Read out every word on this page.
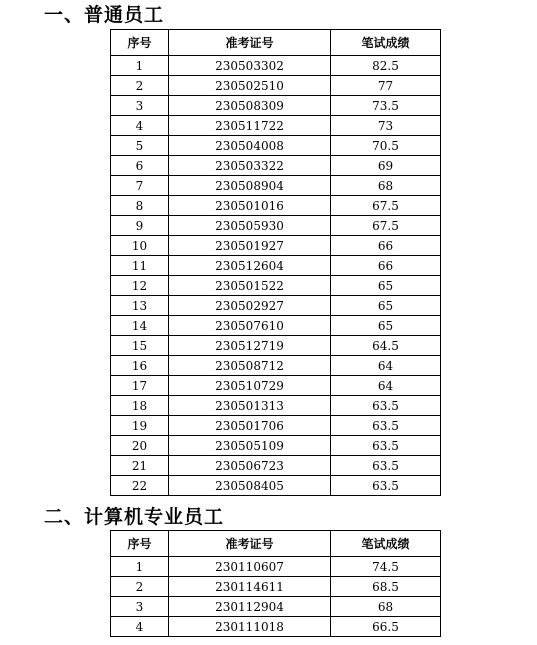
一、普通员工
序号	准考证号	笔试成绩
1	230503302	82.5
2	230502510	77
3	230508309	73.5
4	230511722	73
5	230504008	70.5
6	230503322	69
7	230508904	68
8	230501016	67.5
9	230505930	67.5
10	230501927	66
11	230512604	66
12	230501522	65
13	230502927	65
14	230507610	65
15	230512719	64.5
16	230508712	64
17	230510729	64
18	230501313	63.5
19	230501706	63.5
20	230505109	63.5
21	230506723	63.5
22	230508405	63.5
二、计算机专业员工
序号	准考证号	笔试成绩
1	230110607	74.5
2	230114611	68.5
3	230112904	68
4	230111018	66.5
